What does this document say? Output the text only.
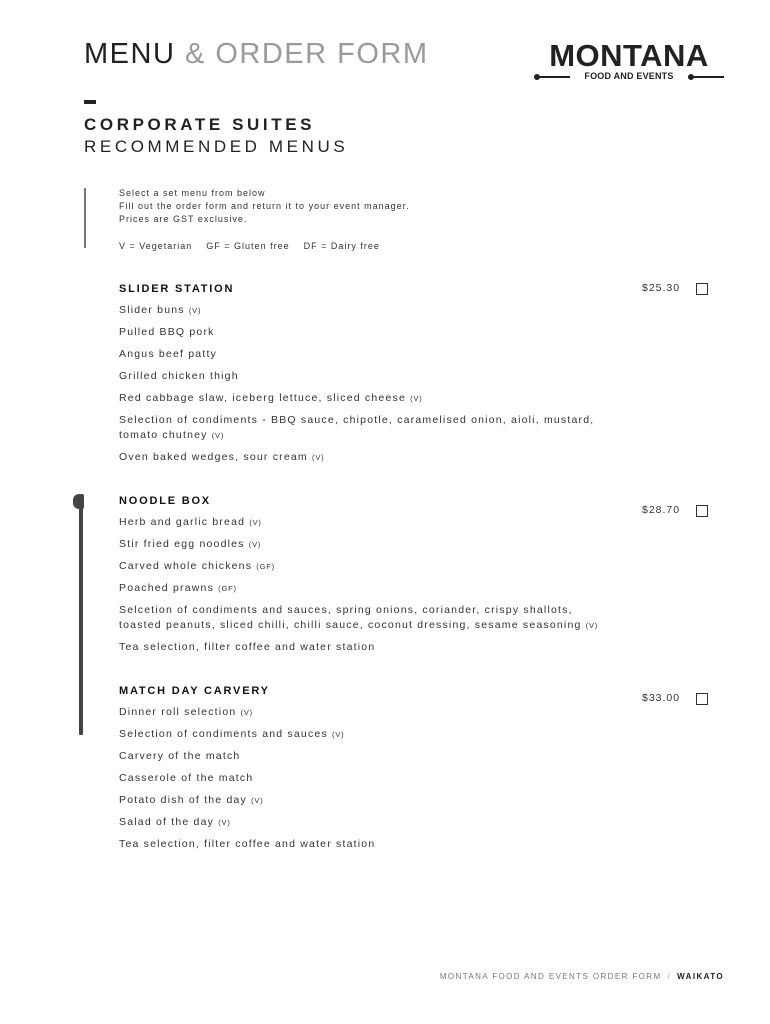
MENU & ORDER FORM	MONTANA
FOOD AND EVENTS
CORPORATE SUITES
RECOMMENDED MENUS
Select a set menu from below
Fill out the order form and return it to your event manager.
Prices are GST exclusive.
V = Vegetarian    GF = Gluten free    DF = Dairy free
SLIDER STATION
Slider buns (V)
Pulled BBQ pork
Angus beef patty
Grilled chicken thigh
Red cabbage slaw, iceberg lettuce, sliced cheese (V)
Selection of condiments - BBQ sauce, chipotle, caramelised onion, aioli, mustard,
tomato chutney (V)
Oven baked wedges, sour cream (V)
$25.30
NOODLE BOX
Herb and garlic bread (V)
Stir fried egg noodles (V)
Carved whole chickens (GF)
Poached prawns (GF)
Selcetion of condiments and sauces, spring onions, coriander, crispy shallots,
toasted peanuts, sliced chilli, chilli sauce, coconut dressing, sesame seasoning (V)
Tea selection, filter coffee and water station
$28.70
MATCH DAY CARVERY
Dinner roll selection (V)
Selection of condiments and sauces (V)
Carvery of the match
Casserole of the match
Potato dish of the day (V)
Salad of the day (V)
Tea selection, filter coffee and water station
$33.00
MONTANA FOOD AND EVENTS ORDER FORM / WAIKATO
